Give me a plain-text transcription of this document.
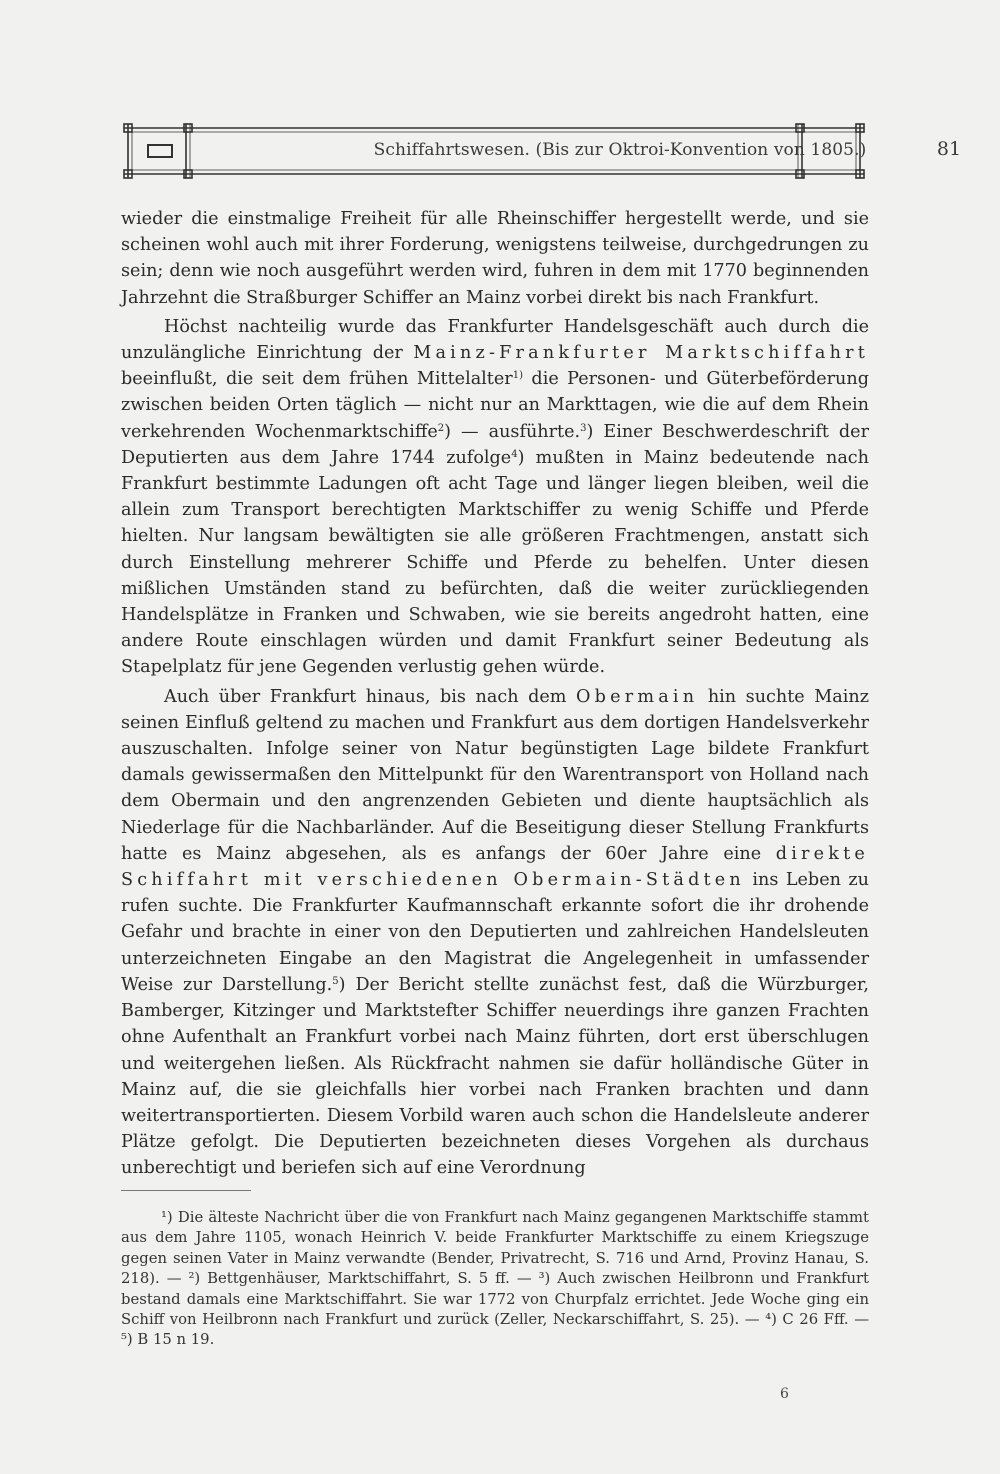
Schiffahrtswesen. (Bis zur Oktroi-Konvention von 1805.)	81

wieder die einstmalige Freiheit für alle Rheinschiffer hergestellt werde, und sie scheinen wohl auch mit ihrer Forderung, wenigstens teilweise, durchgedrungen zu sein; denn wie noch ausgeführt werden wird, fuhren in dem mit 1770 beginnenden Jahrzehnt die Straßburger Schiffer an Mainz vorbei direkt bis nach Frankfurt.

Höchst nachteilig wurde das Frankfurter Handelsgeschäft auch durch die unzulängliche Einrichtung der Mainz-Frankfurter Marktschiffahrt beeinflußt, die seit dem frühen Mittelalter$^{1)}$ die Personen- und Güterbeförderung zwischen beiden Orten täglich — nicht nur an Markttagen, wie die auf dem Rhein verkehrenden Wochenmarktschiffe$^2$) — ausführte.$^3$) Einer Beschwerdeschrift der Deputierten aus dem Jahre 1744 zufolge$^4$) mußten in Mainz bedeutende nach Frankfurt bestimmte Ladungen oft acht Tage und länger liegen bleiben, weil die allein zum Transport berechtigten Marktschiffer zu wenig Schiffe und Pferde hielten. Nur langsam bewältigten sie alle größeren Frachtmengen, anstatt sich durch Einstellung mehrerer Schiffe und Pferde zu behelfen. Unter diesen mißlichen Umständen stand zu befürchten, daß die weiter zurückliegenden Handelsplätze in Franken und Schwaben, wie sie bereits angedroht hatten, eine andere Route einschlagen würden und damit Frankfurt seiner Bedeutung als Stapelplatz für jene Gegenden verlustig gehen würde.

Auch über Frankfurt hinaus, bis nach dem Obermain hin suchte Mainz seinen Einfluß geltend zu machen und Frankfurt aus dem dortigen Handelsverkehr auszuschalten. Infolge seiner von Natur begünstigten Lage bildete Frankfurt damals gewissermaßen den Mittelpunkt für den Warentransport von Holland nach dem Obermain und den angrenzenden Gebieten und diente hauptsächlich als Niederlage für die Nachbarländer. Auf die Beseitigung dieser Stellung Frankfurts hatte es Mainz abgesehen, als es anfangs der 60er Jahre eine direkte Schiffahrt mit verschiedenen Obermain-Städten ins Leben zu rufen suchte. Die Frankfurter Kaufmannschaft erkannte sofort die ihr drohende Gefahr und brachte in einer von den Deputierten und zahlreichen Handelsleuten unterzeichneten Eingabe an den Magistrat die Angelegenheit in umfassender Weise zur Darstellung.$^5$) Der Bericht stellte zunächst fest, daß die Würzburger, Bamberger, Kitzinger und Marktstefter Schiffer neuerdings ihre ganzen Frachten ohne Aufenthalt an Frankfurt vorbei nach Mainz führten, dort erst überschlugen und weitergehen ließen. Als Rückfracht nahmen sie dafür holländische Güter in Mainz auf, die sie gleichfalls hier vorbei nach Franken brachten und dann weitertransportierten. Diesem Vorbild waren auch schon die Handelsleute anderer Plätze gefolgt. Die Deputierten bezeichneten dieses Vorgehen als durchaus unberechtigt und beriefen sich auf eine Verordnung

¹) Die älteste Nachricht über die von Frankfurt nach Mainz gegangenen Marktschiffe stammt aus dem Jahre 1105, wonach Heinrich V. beide Frankfurter Marktschiffe zu einem Kriegszuge gegen seinen Vater in Mainz verwandte (Bender, Privatrecht, S. 716 und Arnd, Provinz Hanau, S. 218). — ²) Bettgenhäuser, Marktschiffahrt, S. 5 ff. — ³) Auch zwischen Heilbronn und Frankfurt bestand damals eine Marktschiffahrt. Sie war 1772 von Churpfalz errichtet. Jede Woche ging ein Schiff von Heilbronn nach Frankfurt und zurück (Zeller, Neckarschiffahrt, S. 25). — ⁴) C 26 Fff. — ⁵) B 15 n 19.

6
